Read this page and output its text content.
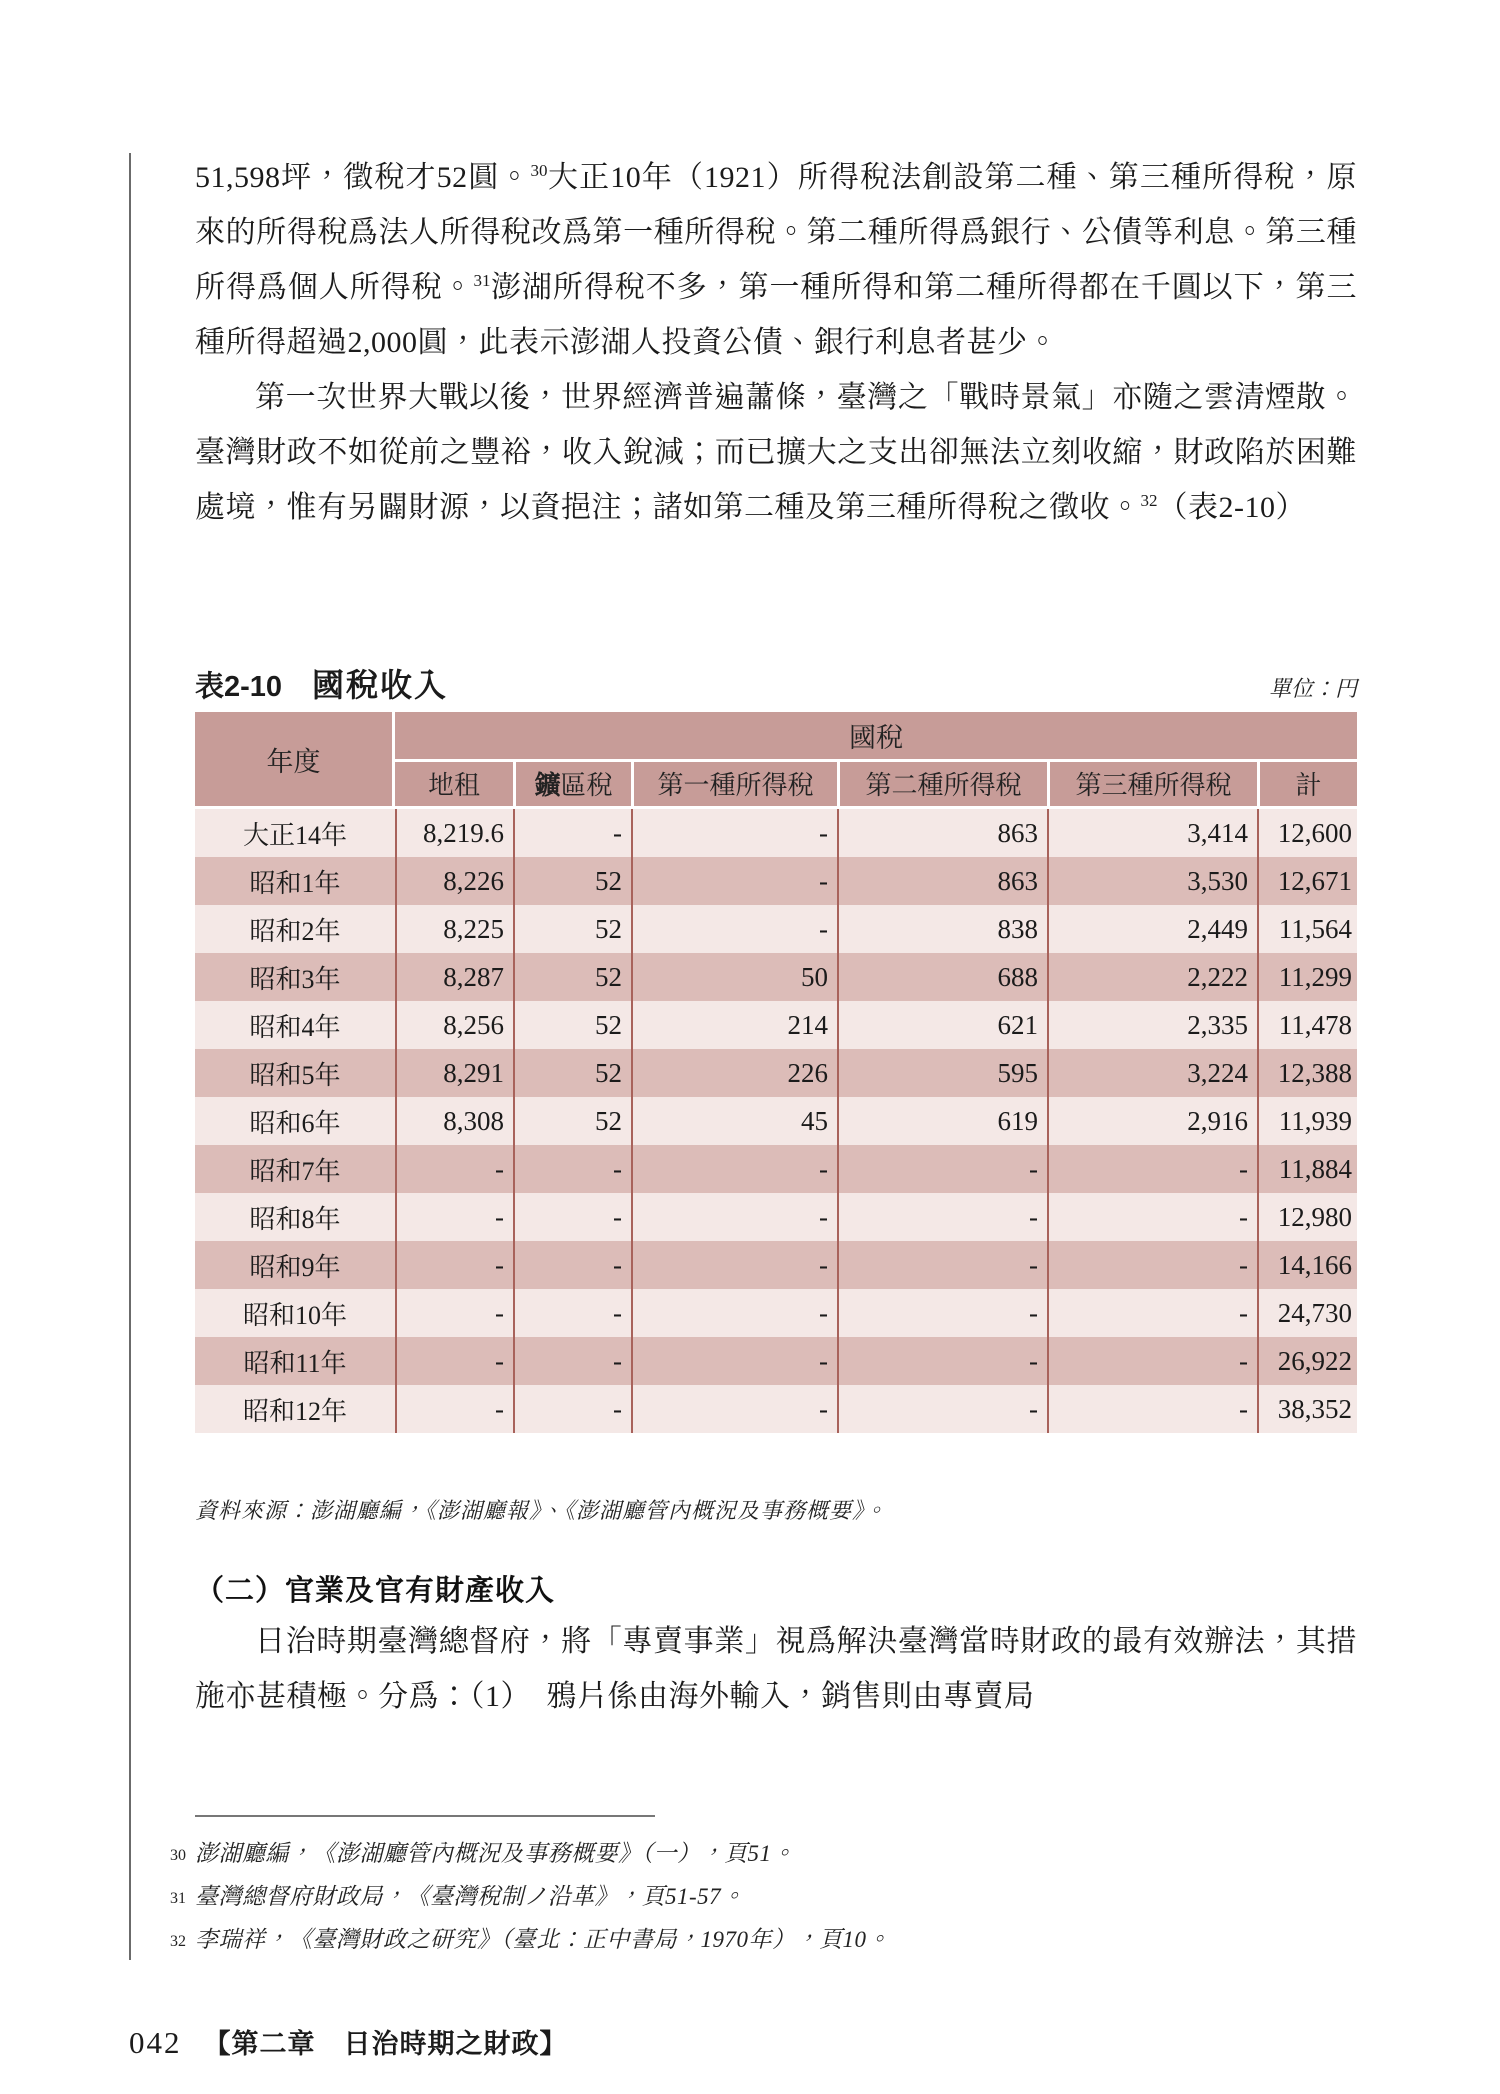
51,598坪，徵稅才52圓。$^{30}$大正10年（1921）所得稅法創設第二種、第三種所得稅，原來的所得稅爲法人所得稅改爲第一種所得稅。第二種所得爲銀行、公債等利息。第三種所得爲個人所得稅。$^{31}$澎湖所得稅不多，第一種所得和第二種所得都在千圓以下，第三種所得超過2,000圓，此表示澎湖人投資公債、銀行利息者甚少。

第一次世界大戰以後，世界經濟普遍蕭條，臺灣之「戰時景氣」亦隨之雲清煙散。臺灣財政不如從前之豐裕，收入銳減；而已擴大之支出卻無法立刻收縮，財政陷於困難處境，惟有另闢財源，以資挹注；諸如第二種及第三種所得稅之徵收。$^{32}$（表2-10）

表2-10 國稅收入	單位：円
年度	國稅					
	地租	鑛區稅	第一種所得稅	第二種所得稅	第三種所得稅	計
大正14年	8,219.6	-	-	863	3,414	12,600
昭和1年	8,226	52	-	863	3,530	12,671
昭和2年	8,225	52	-	838	2,449	11,564
昭和3年	8,287	52	50	688	2,222	11,299
昭和4年	8,256	52	214	621	2,335	11,478
昭和5年	8,291	52	226	595	3,224	12,388
昭和6年	8,308	52	45	619	2,916	11,939
昭和7年	-	-	-	-	-	11,884
昭和8年	-	-	-	-	-	12,980
昭和9年	-	-	-	-	-	14,166
昭和10年	-	-	-	-	-	24,730
昭和11年	-	-	-	-	-	26,922
昭和12年	-	-	-	-	-	38,352
資料來源：澎湖廳編，《澎湖廳報》、《澎湖廳管內概況及事務概要》。
（二）官業及官有財產收入

日治時期臺灣總督府，將「專賣事業」視爲解決臺灣當時財政的最有效辦法，其措施亦甚積極。分爲：（1）　鴉片係由海外輸入，銷售則由專賣局

30 澎湖廳編，《澎湖廳管內概況及事務概要》（一），頁51。
31 臺灣總督府財政局，《臺灣稅制ノ沿革》，頁51-57。
32 李瑞祥，《臺灣財政之研究》（臺北：正中書局，1970年），頁10。
042 【第二章　日治時期之財政】
